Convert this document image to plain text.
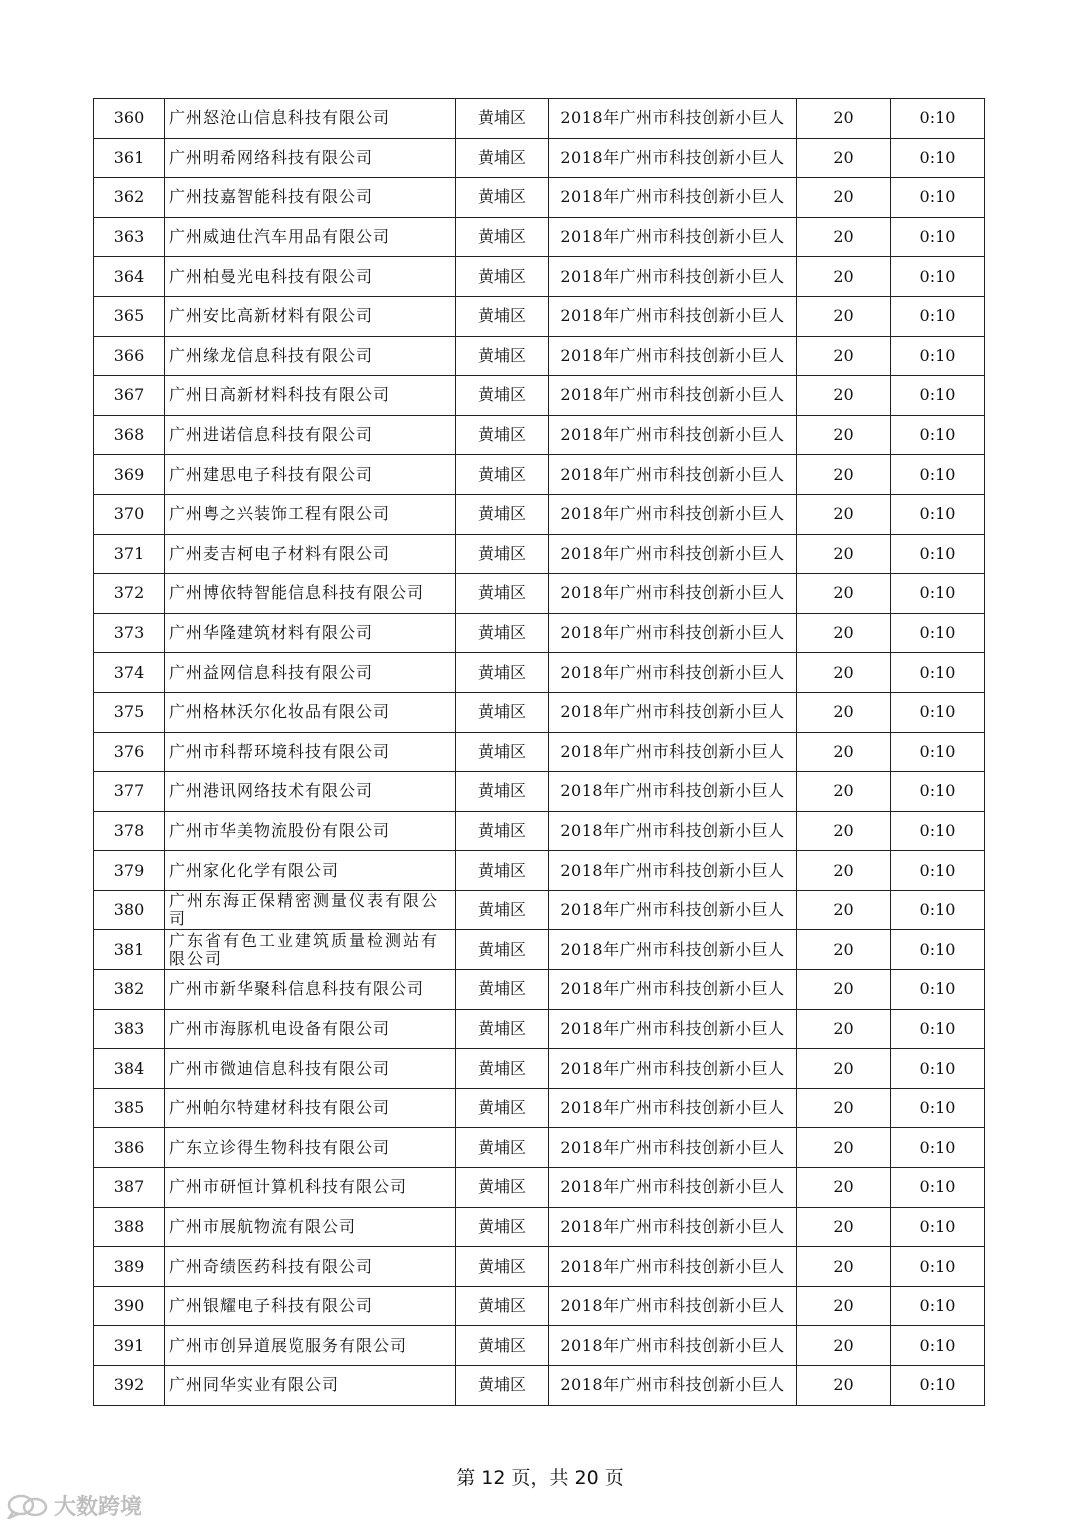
360	广州怒沧山信息科技有限公司	黄埔区	2018年广州市科技创新小巨人	20	0:10
361	广州明希网络科技有限公司	黄埔区	2018年广州市科技创新小巨人	20	0:10
362	广州技嘉智能科技有限公司	黄埔区	2018年广州市科技创新小巨人	20	0:10
363	广州威迪仕汽车用品有限公司	黄埔区	2018年广州市科技创新小巨人	20	0:10
364	广州柏曼光电科技有限公司	黄埔区	2018年广州市科技创新小巨人	20	0:10
365	广州安比高新材料有限公司	黄埔区	2018年广州市科技创新小巨人	20	0:10
366	广州缘龙信息科技有限公司	黄埔区	2018年广州市科技创新小巨人	20	0:10
367	广州日高新材料科技有限公司	黄埔区	2018年广州市科技创新小巨人	20	0:10
368	广州进诺信息科技有限公司	黄埔区	2018年广州市科技创新小巨人	20	0:10
369	广州建思电子科技有限公司	黄埔区	2018年广州市科技创新小巨人	20	0:10
370	广州粤之兴装饰工程有限公司	黄埔区	2018年广州市科技创新小巨人	20	0:10
371	广州麦吉柯电子材料有限公司	黄埔区	2018年广州市科技创新小巨人	20	0:10
372	广州博依特智能信息科技有限公司	黄埔区	2018年广州市科技创新小巨人	20	0:10
373	广州华隆建筑材料有限公司	黄埔区	2018年广州市科技创新小巨人	20	0:10
374	广州益网信息科技有限公司	黄埔区	2018年广州市科技创新小巨人	20	0:10
375	广州格林沃尔化妆品有限公司	黄埔区	2018年广州市科技创新小巨人	20	0:10
376	广州市科帮环境科技有限公司	黄埔区	2018年广州市科技创新小巨人	20	0:10
377	广州港讯网络技术有限公司	黄埔区	2018年广州市科技创新小巨人	20	0:10
378	广州市华美物流股份有限公司	黄埔区	2018年广州市科技创新小巨人	20	0:10
379	广州家化化学有限公司	黄埔区	2018年广州市科技创新小巨人	20	0:10
380	广州东海正保精密测量仪表有限公司	黄埔区	2018年广州市科技创新小巨人	20	0:10
381	广东省有色工业建筑质量检测站有限公司	黄埔区	2018年广州市科技创新小巨人	20	0:10
382	广州市新华聚科信息科技有限公司	黄埔区	2018年广州市科技创新小巨人	20	0:10
383	广州市海豚机电设备有限公司	黄埔区	2018年广州市科技创新小巨人	20	0:10
384	广州市微迪信息科技有限公司	黄埔区	2018年广州市科技创新小巨人	20	0:10
385	广州帕尔特建材科技有限公司	黄埔区	2018年广州市科技创新小巨人	20	0:10
386	广东立诊得生物科技有限公司	黄埔区	2018年广州市科技创新小巨人	20	0:10
387	广州市研恒计算机科技有限公司	黄埔区	2018年广州市科技创新小巨人	20	0:10
388	广州市展航物流有限公司	黄埔区	2018年广州市科技创新小巨人	20	0:10
389	广州奇绩医药科技有限公司	黄埔区	2018年广州市科技创新小巨人	20	0:10
390	广州银耀电子科技有限公司	黄埔区	2018年广州市科技创新小巨人	20	0:10
391	广州市创异道展览服务有限公司	黄埔区	2018年广州市科技创新小巨人	20	0:10
392	广州同华实业有限公司	黄埔区	2018年广州市科技创新小巨人	20	0:10
第 12 页，共 20 页
大数跨境
